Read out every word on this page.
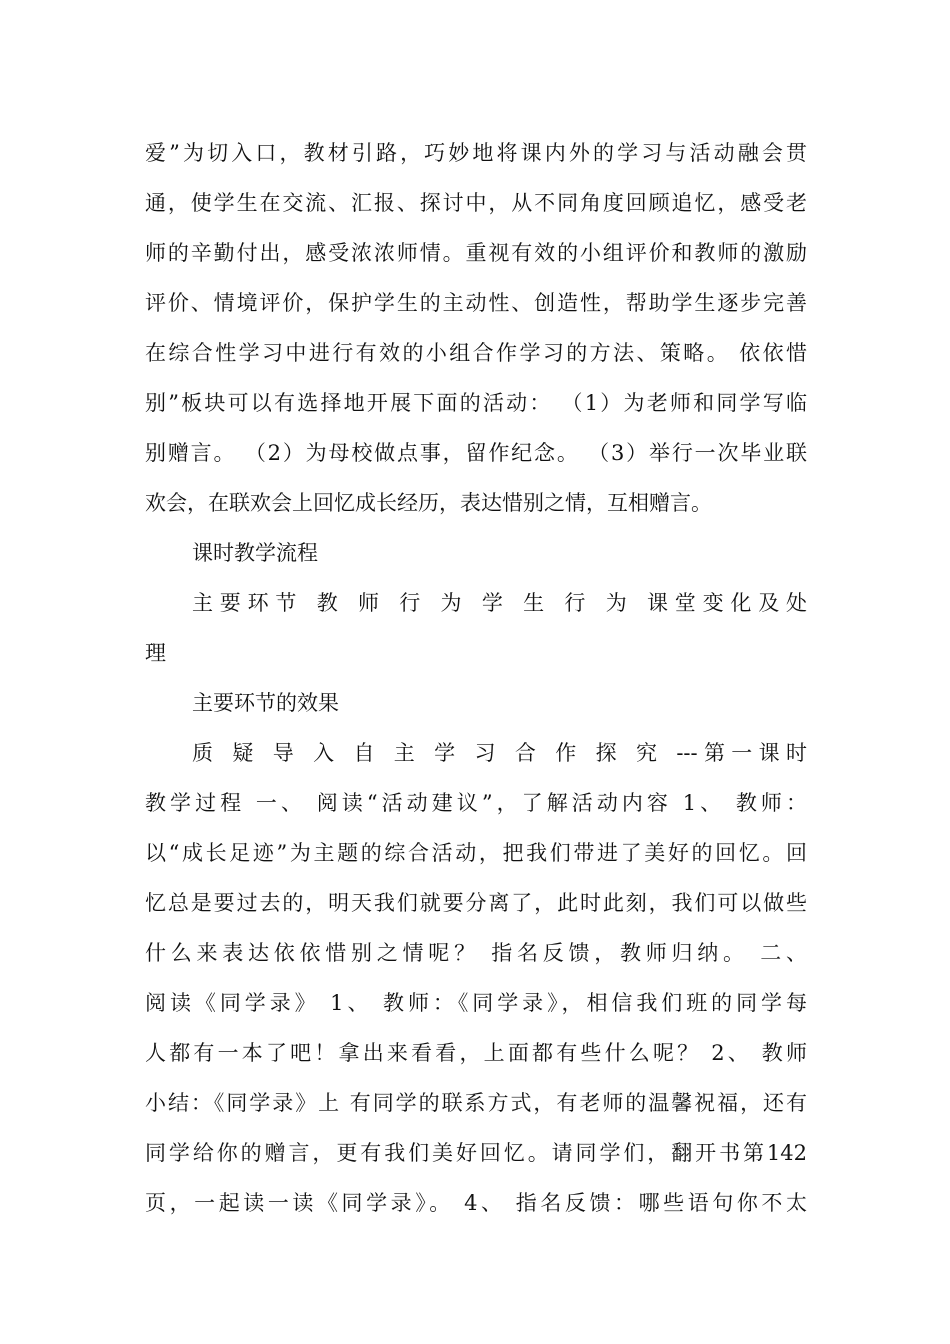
爱”为切入口，教材引路，巧妙地将课内外的学习与活动融会贯
通，使学生在交流、汇报、探讨中，从不同角度回顾追忆，感受老
师的辛勤付出，感受浓浓师情。重视有效的小组评价和教师的激励
评价、情境评价，保护学生的主动性、创造性，帮助学生逐步完善
在综合性学习中进行有效的小组合作学习的方法、策略。 依依惜
别”板块可以有选择地开展下面的活动： （1）为老师和同学写临
别赠言。 （2）为母校做点事，留作纪念。 （3）举行一次毕业联
欢会，在联欢会上回忆成长经历，表达惜别之情，互相赠言。
课时教学流程
主要环节 教 师 行 为 学 生 行 为 课堂变化及处
理
主要环节的效果
质 疑 导 入 自 主 学 习 合 作 探 究 ---第一课时
教学过程 一、 阅读“活动建议”，了解活动内容 1、 教师：
以“成长足迹”为主题的综合活动，把我们带进了美好的回忆。回
忆总是要过去的，明天我们就要分离了，此时此刻，我们可以做些
什么来表达依依惜别之情呢？ 指名反馈，教师归纳。 二、
阅读《同学录》 1、 教师：《同学录》，相信我们班的同学每
人都有一本了吧！拿出来看看，上面都有些什么呢？ 2、 教师
小结：《同学录》上 有同学的联系方式，有老师的温馨祝福，还有
同学给你的赠言，更有我们美好回忆。请同学们，翻开书第142
页，一起读一读《同学录》。 4、 指名反馈：哪些语句你不太
